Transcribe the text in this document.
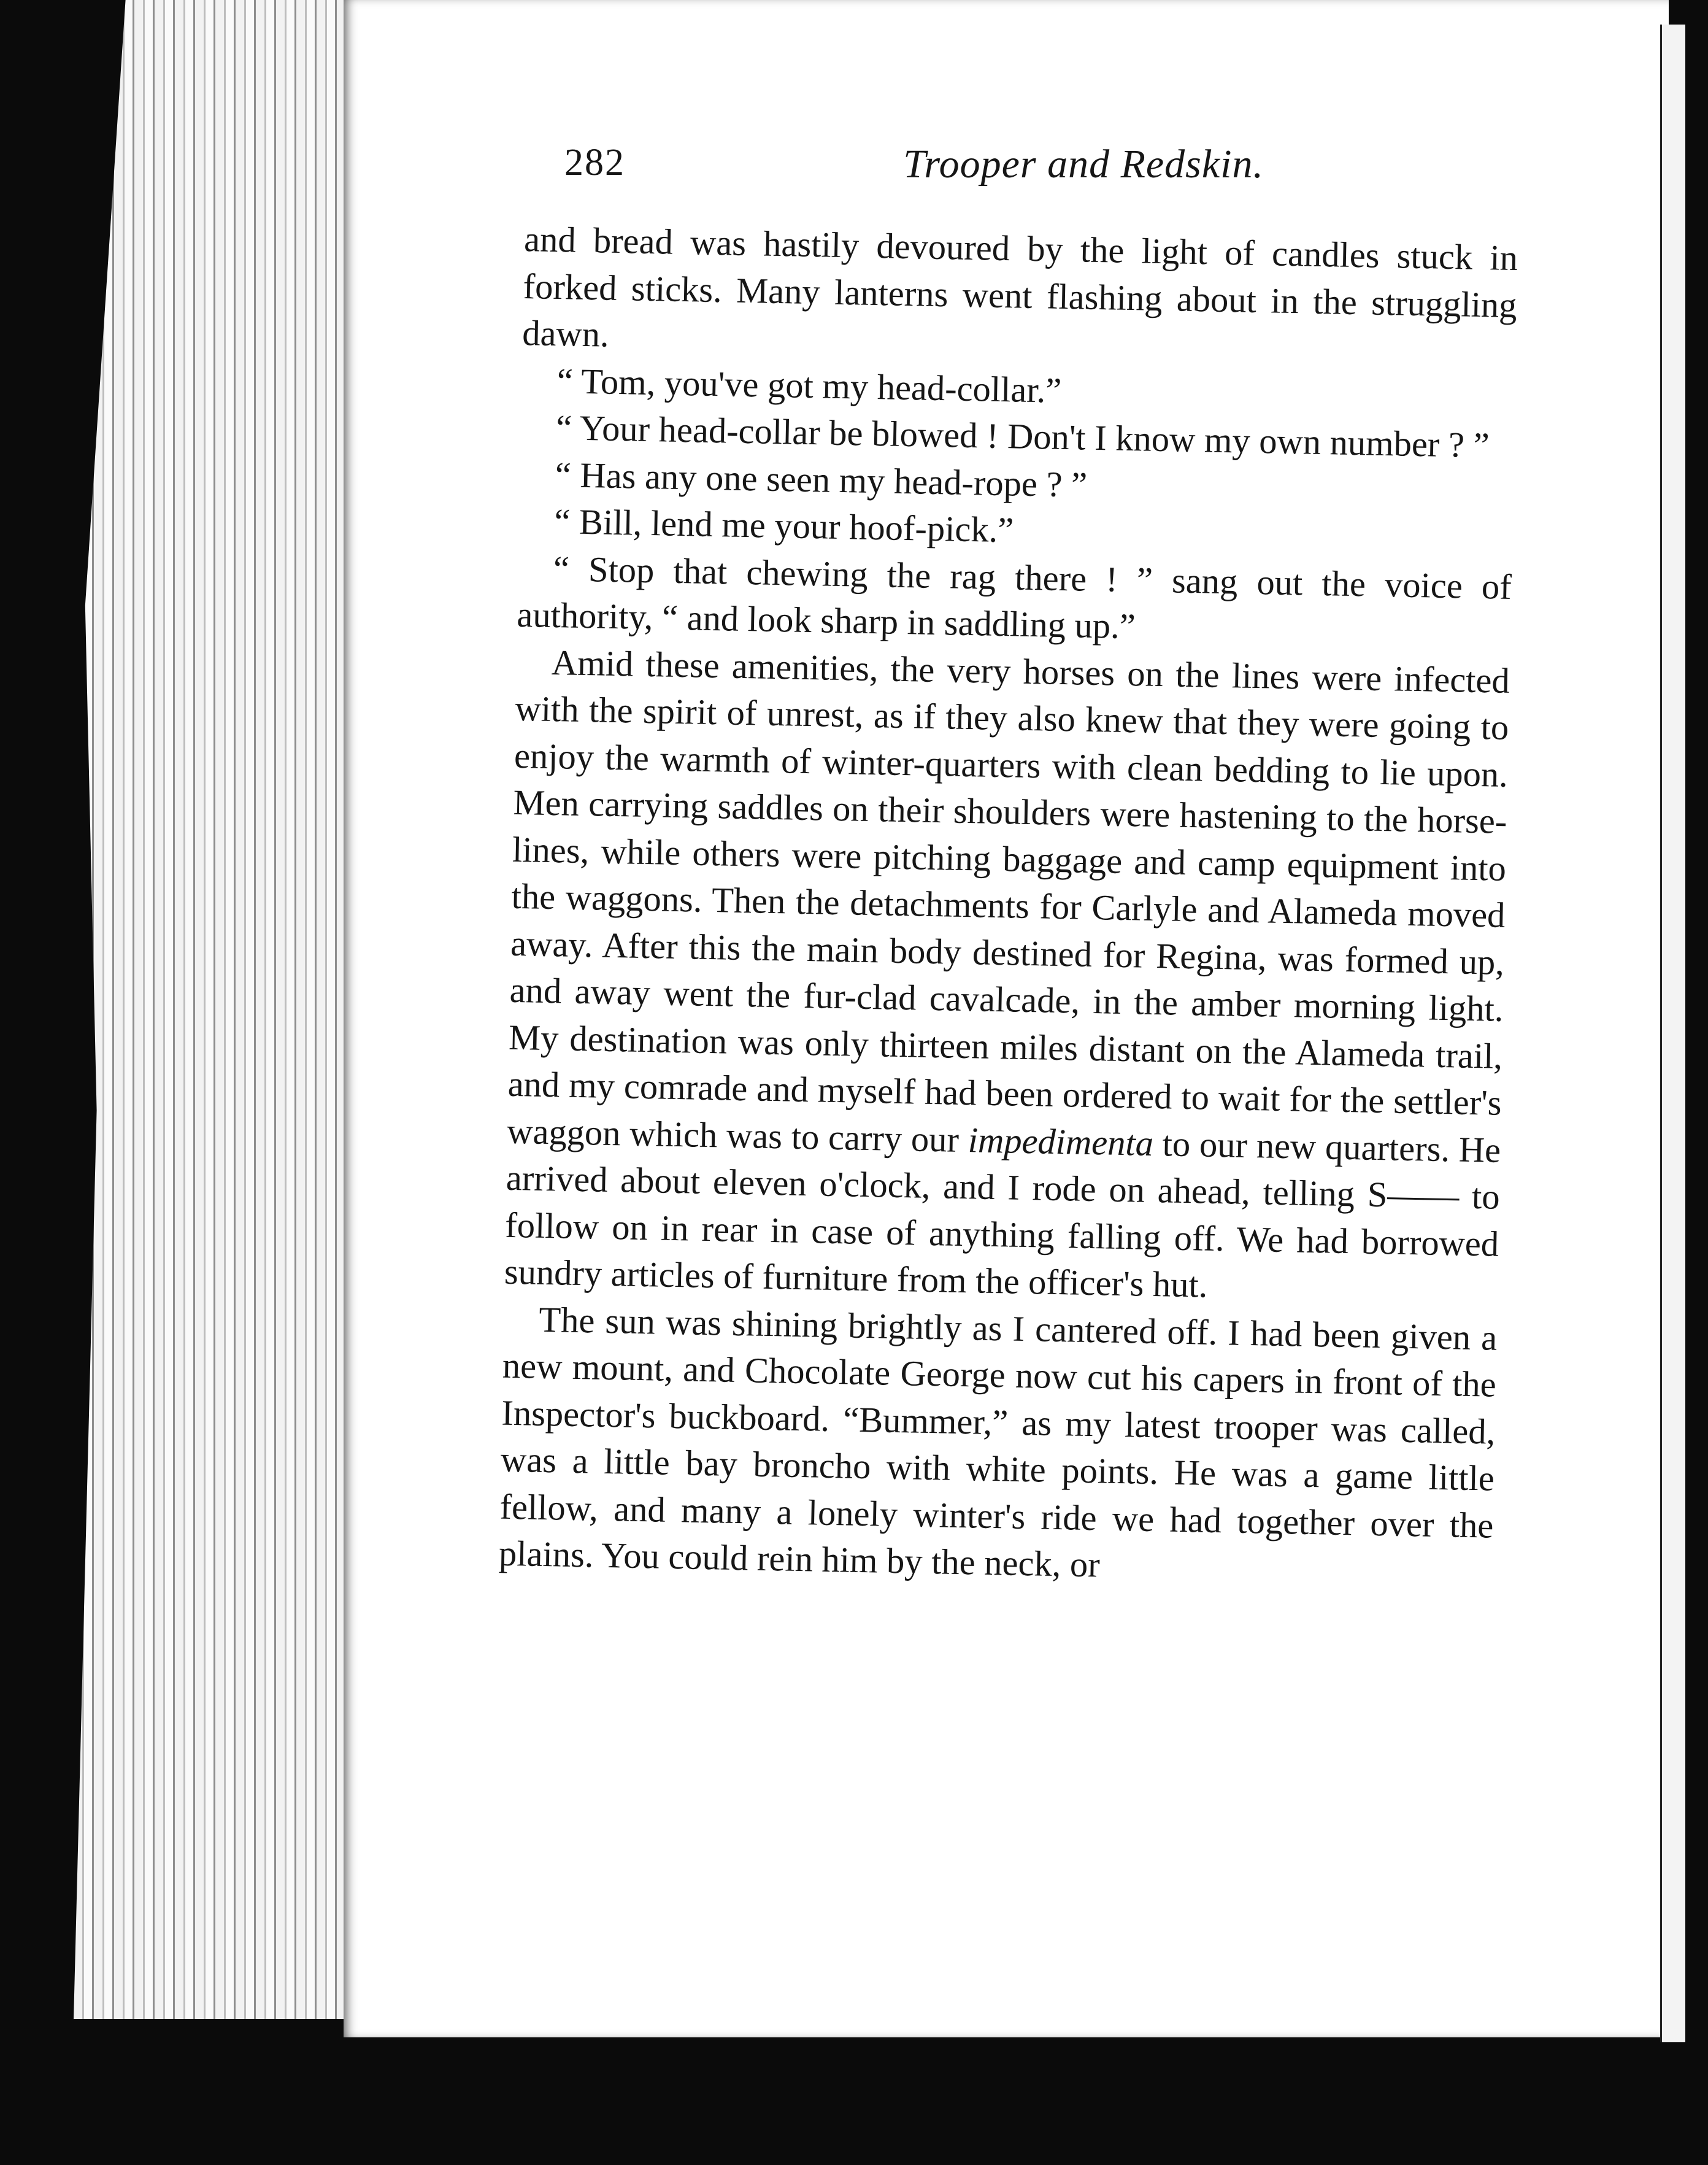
282	Trooper and Redskin.

and bread was hastily devoured by the light of candles stuck in forked sticks. Many lanterns went flashing about in the struggling dawn.

“ Tom, you've got my head-collar.”

“ Your head-collar be blowed ! Don't I know my own number ? ”

“ Has any one seen my head-rope ? ”

“ Bill, lend me your hoof-pick.”

“ Stop that chewing the rag there ! ” sang out the voice of authority, “ and look sharp in saddling up.”

Amid these amenities, the very horses on the lines were infected with the spirit of unrest, as if they also knew that they were going to enjoy the warmth of winter-quarters with clean bedding to lie upon. Men carrying saddles on their shoulders were hastening to the horse-lines, while others were pitching baggage and camp equipment into the waggons. Then the detachments for Carlyle and Alameda moved away. After this the main body destined for Regina, was formed up, and away went the fur-clad cavalcade, in the amber morning light. My destination was only thirteen miles distant on the Alameda trail, and my comrade and myself had been ordered to wait for the settler's waggon which was to carry our impedimenta to our new quarters. He arrived about eleven o'clock, and I rode on ahead, telling S—— to follow on in rear in case of anything falling off. We had borrowed sundry articles of furniture from the officer's hut.

The sun was shining brightly as I cantered off. I had been given a new mount, and Chocolate George now cut his capers in front of the Inspector's buckboard. “Bummer,” as my latest trooper was called, was a little bay broncho with white points. He was a game little fellow, and many a lonely winter's ride we had together over the plains. You could rein him by the neck, or
